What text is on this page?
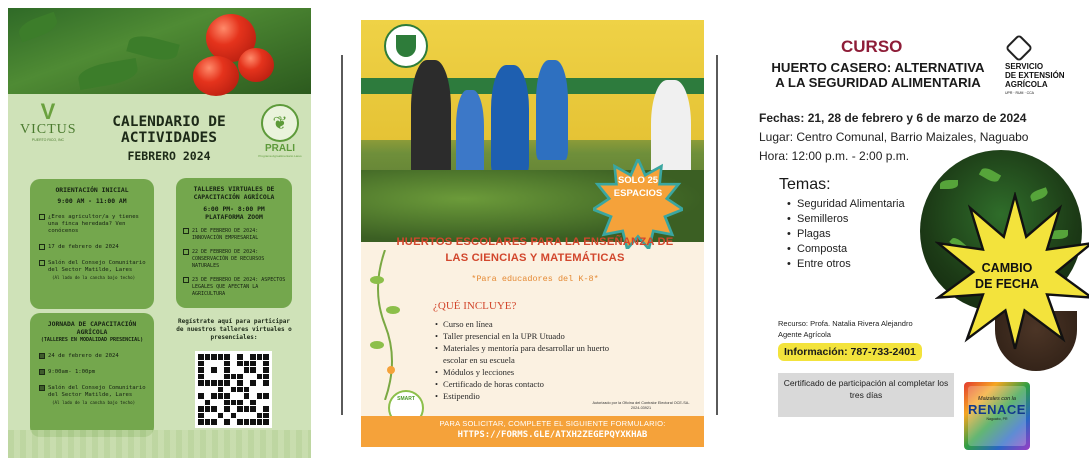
V
VICTUS
PUERTO RICO, INC
CALENDARIO DE
ACTIVIDADES
FEBRERO 2024
❦
PRALI
Programa Agroalimentario Lares
ORIENTACIÓN INICIAL
9:00 AM - 11:00 AM
¿Eres agricultor/a y tienes una finca heredada? Ven conócenos
17 de febrero de 2024
Salón del Consejo Comunitario del Sector Matilde, Lares
(Al lado de la cancha bajo techo)
TALLERES VIRTUALES DE
CAPACITACIÓN AGRÍCOLA
6:00 PM- 8:00 PM
PLATAFORMA ZOOM
21 DE FEBRERO DE 2024: INNOVACIÓN EMPRESARIAL
22 DE FEBRERO DE 2024: CONSERVACIÓN DE RECURSOS NATURALES
23 DE FEBRERO DE 2024: ASPECTOS LEGALES QUE AFECTAN LA AGRICULTURA
JORNADA DE CAPACITACIÓN
AGRÍCOLA
(TALLERES EN MODALIDAD PRESENCIAL)
24 de febrero de 2024
9:00am- 1:00pm
Salón del Consejo Comunitario del Sector Matilde, Lares
(Al lado de la cancha bajo techo)
Regístrate aquí para participar de nuestros talleres virtuales o presenciales:
SOLO 25 ESPACIOS
HUERTOS ESCOLARES PARA LA ENSEÑANZA DE LAS CIENCIAS Y MATEMÁTICAS
*Para educadores del K-8*
¿QUÉ INCLUYE?
• Curso en línea
• Taller presencial en la UPR Utuado
• Materiales y mentoría para desarrollar un huerto escolar en su escuela
• Módulos y lecciones
• Certificado de horas contacto
• Estipendio
Autorizado por la Oficina del Contralor Electoral OCE-SA-2024-03921
SMART
PARA SOLICITAR, COMPLETE EL SIGUIENTE FORMULARIO:
HTTPS://FORMS.GLE/ATXH2ZEGEPQYXKHAB
CURSO
HUERTO CASERO: ALTERNATIVA
A LA SEGURIDAD ALIMENTARIA
SERVICIO
DE EXTENSIÓN
AGRÍCOLA
UPR · RUM · CCA
Fechas: 21, 28 de febrero y 6 de marzo de 2024
Lugar: Centro Comunal, Barrio Maizales, Naguabo
Hora: 12:00 p.m. - 2:00 p.m.
Temas:
• Seguridad Alimentaria
• Semilleros
• Plagas
• Composta
• Entre otros	CAMBIO
DE FECHA
Recurso: Profa. Natalia Rivera Alejandro
Agente Agrícola
Información: 787-733-2401
Certificado de participación al completar los tres días	Maizales con la
RENACE
Naguabo, PR
